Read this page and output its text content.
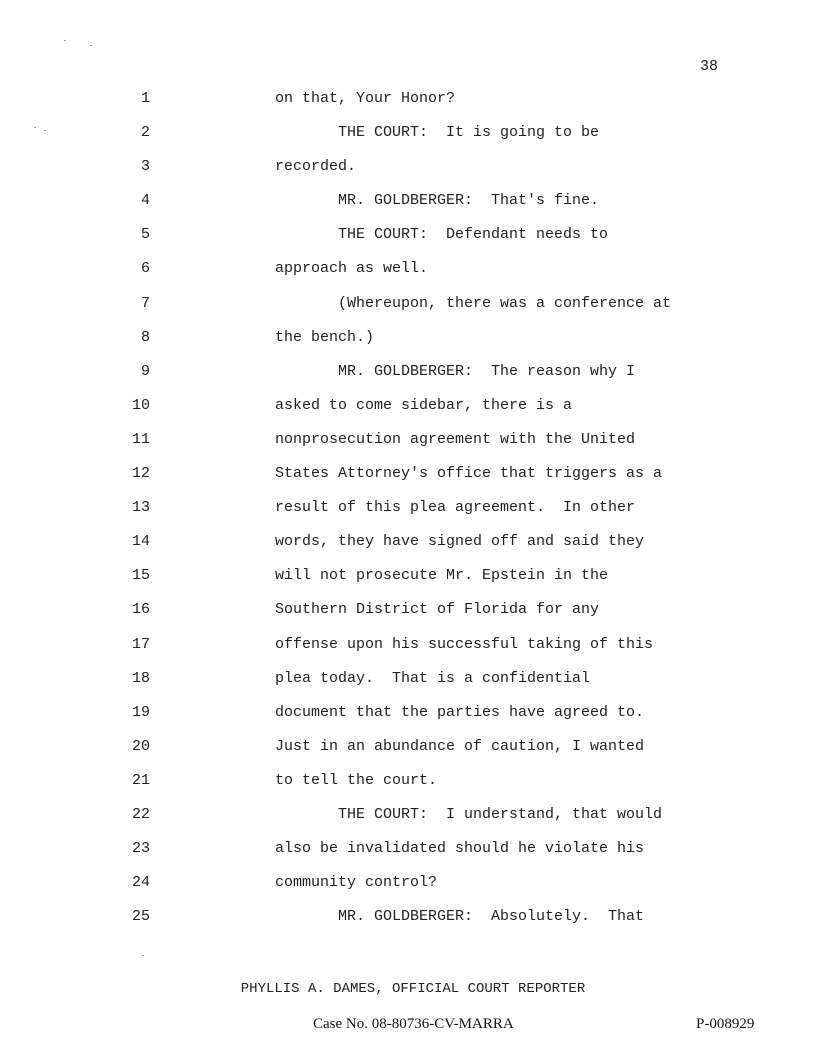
38
1	on that, Your Honor?
2	THE COURT:  It is going to be
3	recorded.
4	MR. GOLDBERGER:  That's fine.
5	THE COURT:  Defendant needs to
6	approach as well.
7	(Whereupon, there was a conference at
8	the bench.)
9	MR. GOLDBERGER:  The reason why I
10	asked to come sidebar, there is a
11	nonprosecution agreement with the United
12	States Attorney's office that triggers as a
13	result of this plea agreement.  In other
14	words, they have signed off and said they
15	will not prosecute Mr. Epstein in the
16	Southern District of Florida for any
17	offense upon his successful taking of this
18	plea today.  That is a confidential
19	document that the parties have agreed to.
20	Just in an abundance of caution, I wanted
21	to tell the court.
22	THE COURT:  I understand, that would
23	also be invalidated should he violate his
24	community control?
25	MR. GOLDBERGER:  Absolutely.  That
PHYLLIS A. DAMES, OFFICIAL COURT REPORTER
Case No. 08-80736-CV-MARRA	P-008929
